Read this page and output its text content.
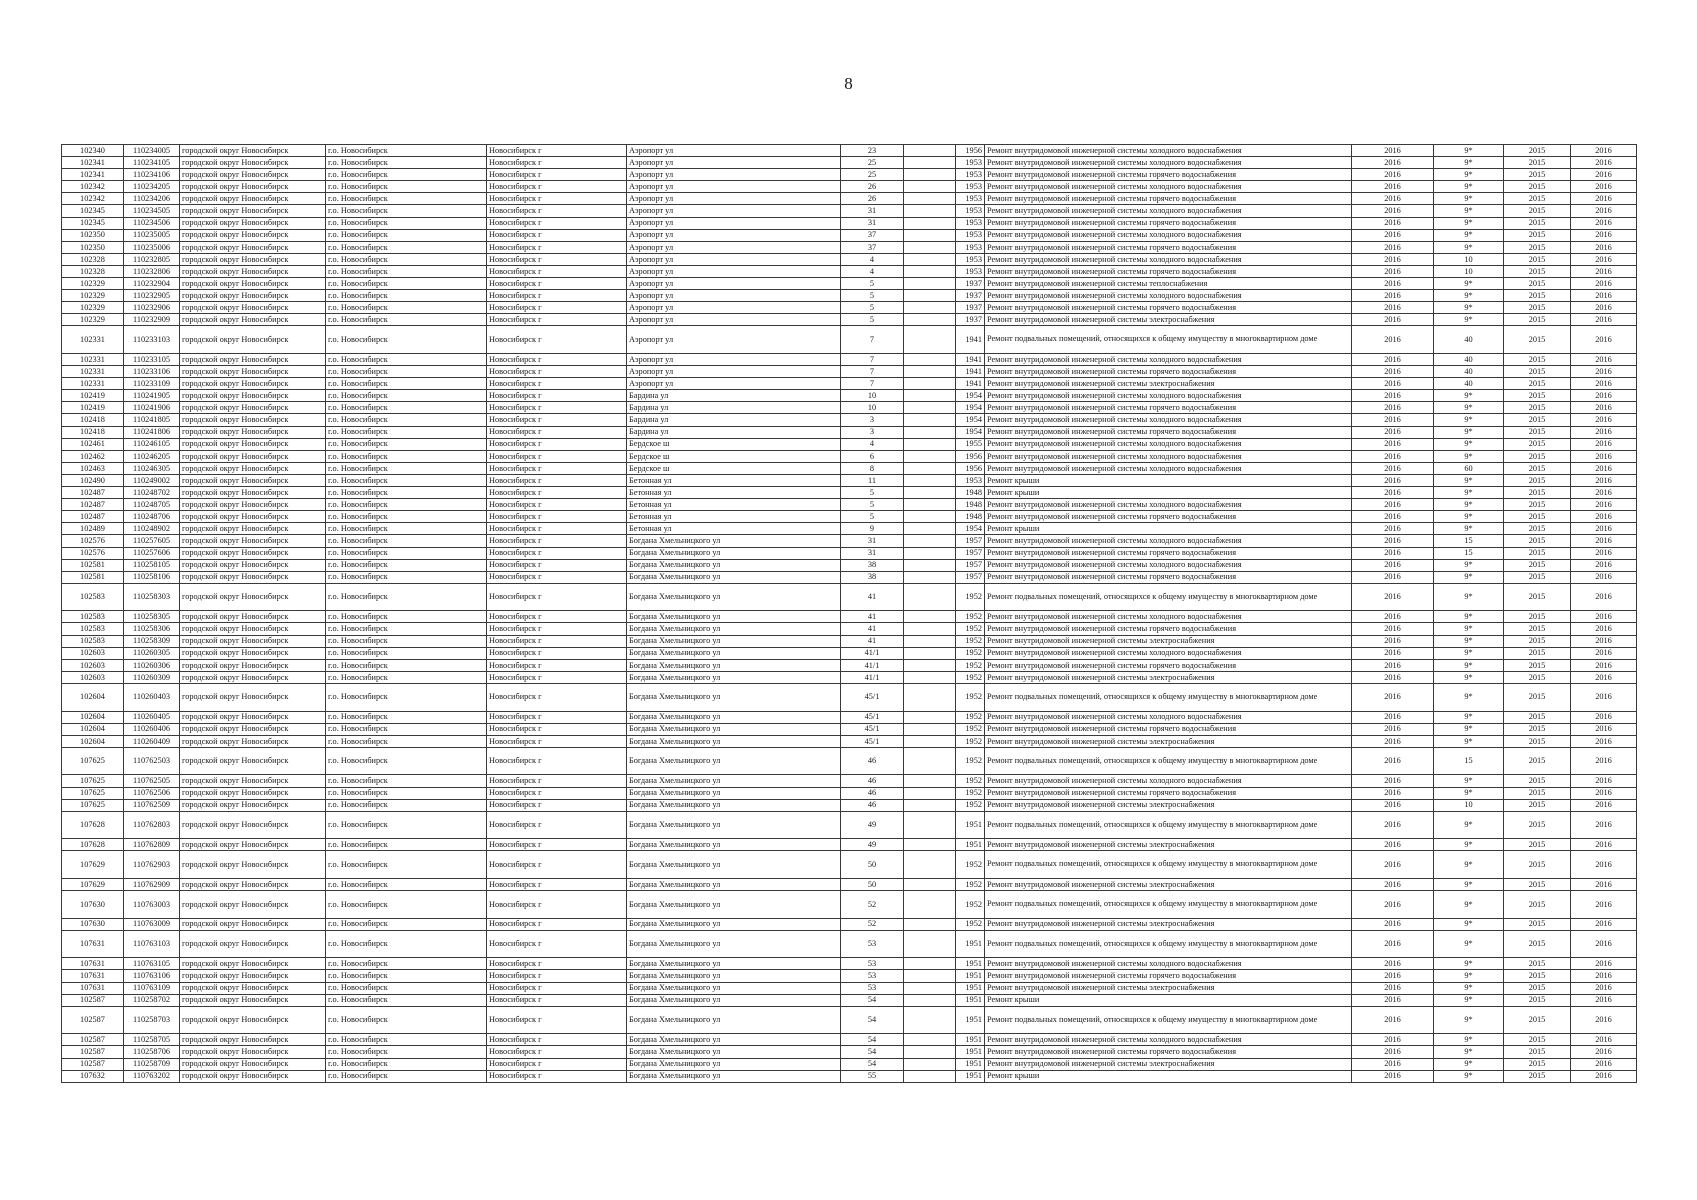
8
102340	110234005	городской округ Новосибирск	г.о. Новосибирск	Новосибирск г	Аэропорт ул	23		1956	Ремонт внутридомовой инженерной системы холодного водоснабжения	2016	9*	2015	2016
102341	110234105	городской округ Новосибирск	г.о. Новосибирск	Новосибирск г	Аэропорт ул	25		1953	Ремонт внутридомовой инженерной системы холодного водоснабжения	2016	9*	2015	2016
102341	110234106	городской округ Новосибирск	г.о. Новосибирск	Новосибирск г	Аэропорт ул	25		1953	Ремонт внутридомовой инженерной системы горячего водоснабжения	2016	9*	2015	2016
102342	110234205	городской округ Новосибирск	г.о. Новосибирск	Новосибирск г	Аэропорт ул	26		1953	Ремонт внутридомовой инженерной системы холодного водоснабжения	2016	9*	2015	2016
102342	110234206	городской округ Новосибирск	г.о. Новосибирск	Новосибирск г	Аэропорт ул	26		1953	Ремонт внутридомовой инженерной системы горячего водоснабжения	2016	9*	2015	2016
102345	110234505	городской округ Новосибирск	г.о. Новосибирск	Новосибирск г	Аэропорт ул	31		1953	Ремонт внутридомовой инженерной системы холодного водоснабжения	2016	9*	2015	2016
102345	110234506	городской округ Новосибирск	г.о. Новосибирск	Новосибирск г	Аэропорт ул	31		1953	Ремонт внутридомовой инженерной системы горячего водоснабжения	2016	9*	2015	2016
102350	110235005	городской округ Новосибирск	г.о. Новосибирск	Новосибирск г	Аэропорт ул	37		1953	Ремонт внутридомовой инженерной системы холодного водоснабжения	2016	9*	2015	2016
102350	110235006	городской округ Новосибирск	г.о. Новосибирск	Новосибирск г	Аэропорт ул	37		1953	Ремонт внутридомовой инженерной системы горячего водоснабжения	2016	9*	2015	2016
102328	110232805	городской округ Новосибирск	г.о. Новосибирск	Новосибирск г	Аэропорт ул	4		1953	Ремонт внутридомовой инженерной системы холодного водоснабжения	2016	10	2015	2016
102328	110232806	городской округ Новосибирск	г.о. Новосибирск	Новосибирск г	Аэропорт ул	4		1953	Ремонт внутридомовой инженерной системы горячего водоснабжения	2016	10	2015	2016
102329	110232904	городской округ Новосибирск	г.о. Новосибирск	Новосибирск г	Аэропорт ул	5		1937	Ремонт внутридомовой инженерной системы теплоснабжения	2016	9*	2015	2016
102329	110232905	городской округ Новосибирск	г.о. Новосибирск	Новосибирск г	Аэропорт ул	5		1937	Ремонт внутридомовой инженерной системы холодного водоснабжения	2016	9*	2015	2016
102329	110232906	городской округ Новосибирск	г.о. Новосибирск	Новосибирск г	Аэропорт ул	5		1937	Ремонт внутридомовой инженерной системы горячего водоснабжения	2016	9*	2015	2016
102329	110232909	городской округ Новосибирск	г.о. Новосибирск	Новосибирск г	Аэропорт ул	5		1937	Ремонт внутридомовой инженерной системы электроснабжения	2016	9*	2015	2016
102331	110233103	городской округ Новосибирск	г.о. Новосибирск	Новосибирск г	Аэропорт ул	7		1941	Ремонт подвальных помещений, относящихся к общему имуществу в многоквартирном доме	2016	40	2015	2016
102331	110233105	городской округ Новосибирск	г.о. Новосибирск	Новосибирск г	Аэропорт ул	7		1941	Ремонт внутридомовой инженерной системы холодного водоснабжения	2016	40	2015	2016
102331	110233106	городской округ Новосибирск	г.о. Новосибирск	Новосибирск г	Аэропорт ул	7		1941	Ремонт внутридомовой инженерной системы горячего водоснабжения	2016	40	2015	2016
102331	110233109	городской округ Новосибирск	г.о. Новосибирск	Новосибирск г	Аэропорт ул	7		1941	Ремонт внутридомовой инженерной системы электроснабжения	2016	40	2015	2016
102419	110241905	городской округ Новосибирск	г.о. Новосибирск	Новосибирск г	Бардина ул	10		1954	Ремонт внутридомовой инженерной системы холодного водоснабжения	2016	9*	2015	2016
102419	110241906	городской округ Новосибирск	г.о. Новосибирск	Новосибирск г	Бардина ул	10		1954	Ремонт внутридомовой инженерной системы горячего водоснабжения	2016	9*	2015	2016
102418	110241805	городской округ Новосибирск	г.о. Новосибирск	Новосибирск г	Бардина ул	3		1954	Ремонт внутридомовой инженерной системы холодного водоснабжения	2016	9*	2015	2016
102418	110241806	городской округ Новосибирск	г.о. Новосибирск	Новосибирск г	Бардина ул	3		1954	Ремонт внутридомовой инженерной системы горячего водоснабжения	2016	9*	2015	2016
102461	110246105	городской округ Новосибирск	г.о. Новосибирск	Новосибирск г	Бердское ш	4		1955	Ремонт внутридомовой инженерной системы холодного водоснабжения	2016	9*	2015	2016
102462	110246205	городской округ Новосибирск	г.о. Новосибирск	Новосибирск г	Бердское ш	6		1956	Ремонт внутридомовой инженерной системы холодного водоснабжения	2016	9*	2015	2016
102463	110246305	городской округ Новосибирск	г.о. Новосибирск	Новосибирск г	Бердское ш	8		1956	Ремонт внутридомовой инженерной системы холодного водоснабжения	2016	60	2015	2016
102490	110249002	городской округ Новосибирск	г.о. Новосибирск	Новосибирск г	Бетонная ул	11		1953	Ремонт крыши	2016	9*	2015	2016
102487	110248702	городской округ Новосибирск	г.о. Новосибирск	Новосибирск г	Бетонная ул	5		1948	Ремонт крыши	2016	9*	2015	2016
102487	110248705	городской округ Новосибирск	г.о. Новосибирск	Новосибирск г	Бетонная ул	5		1948	Ремонт внутридомовой инженерной системы холодного водоснабжения	2016	9*	2015	2016
102487	110248706	городской округ Новосибирск	г.о. Новосибирск	Новосибирск г	Бетонная ул	5		1948	Ремонт внутридомовой инженерной системы горячего водоснабжения	2016	9*	2015	2016
102489	110248902	городской округ Новосибирск	г.о. Новосибирск	Новосибирск г	Бетонная ул	9		1954	Ремонт крыши	2016	9*	2015	2016
102576	110257605	городской округ Новосибирск	г.о. Новосибирск	Новосибирск г	Богдана Хмельницкого ул	31		1957	Ремонт внутридомовой инженерной системы холодного водоснабжения	2016	15	2015	2016
102576	110257606	городской округ Новосибирск	г.о. Новосибирск	Новосибирск г	Богдана Хмельницкого ул	31		1957	Ремонт внутридомовой инженерной системы горячего водоснабжения	2016	15	2015	2016
102581	110258105	городской округ Новосибирск	г.о. Новосибирск	Новосибирск г	Богдана Хмельницкого ул	38		1957	Ремонт внутридомовой инженерной системы холодного водоснабжения	2016	9*	2015	2016
102581	110258106	городской округ Новосибирск	г.о. Новосибирск	Новосибирск г	Богдана Хмельницкого ул	38		1957	Ремонт внутридомовой инженерной системы горячего водоснабжения	2016	9*	2015	2016
102583	110258303	городской округ Новосибирск	г.о. Новосибирск	Новосибирск г	Богдана Хмельницкого ул	41		1952	Ремонт подвальных помещений, относящихся к общему имуществу в многоквартирном доме	2016	9*	2015	2016
102583	110258305	городской округ Новосибирск	г.о. Новосибирск	Новосибирск г	Богдана Хмельницкого ул	41		1952	Ремонт внутридомовой инженерной системы холодного водоснабжения	2016	9*	2015	2016
102583	110258306	городской округ Новосибирск	г.о. Новосибирск	Новосибирск г	Богдана Хмельницкого ул	41		1952	Ремонт внутридомовой инженерной системы горячего водоснабжения	2016	9*	2015	2016
102583	110258309	городской округ Новосибирск	г.о. Новосибирск	Новосибирск г	Богдана Хмельницкого ул	41		1952	Ремонт внутридомовой инженерной системы электроснабжения	2016	9*	2015	2016
102603	110260305	городской округ Новосибирск	г.о. Новосибирск	Новосибирск г	Богдана Хмельницкого ул	41/1		1952	Ремонт внутридомовой инженерной системы холодного водоснабжения	2016	9*	2015	2016
102603	110260306	городской округ Новосибирск	г.о. Новосибирск	Новосибирск г	Богдана Хмельницкого ул	41/1		1952	Ремонт внутридомовой инженерной системы горячего водоснабжения	2016	9*	2015	2016
102603	110260309	городской округ Новосибирск	г.о. Новосибирск	Новосибирск г	Богдана Хмельницкого ул	41/1		1952	Ремонт внутридомовой инженерной системы электроснабжения	2016	9*	2015	2016
102604	110260403	городской округ Новосибирск	г.о. Новосибирск	Новосибирск г	Богдана Хмельницкого ул	45/1		1952	Ремонт подвальных помещений, относящихся к общему имуществу в многоквартирном доме	2016	9*	2015	2016
102604	110260405	городской округ Новосибирск	г.о. Новосибирск	Новосибирск г	Богдана Хмельницкого ул	45/1		1952	Ремонт внутридомовой инженерной системы холодного водоснабжения	2016	9*	2015	2016
102604	110260406	городской округ Новосибирск	г.о. Новосибирск	Новосибирск г	Богдана Хмельницкого ул	45/1		1952	Ремонт внутридомовой инженерной системы горячего водоснабжения	2016	9*	2015	2016
102604	110260409	городской округ Новосибирск	г.о. Новосибирск	Новосибирск г	Богдана Хмельницкого ул	45/1		1952	Ремонт внутридомовой инженерной системы электроснабжения	2016	9*	2015	2016
107625	110762503	городской округ Новосибирск	г.о. Новосибирск	Новосибирск г	Богдана Хмельницкого ул	46		1952	Ремонт подвальных помещений, относящихся к общему имуществу в многоквартирном доме	2016	15	2015	2016
107625	110762505	городской округ Новосибирск	г.о. Новосибирск	Новосибирск г	Богдана Хмельницкого ул	46		1952	Ремонт внутридомовой инженерной системы холодного водоснабжения	2016	9*	2015	2016
107625	110762506	городской округ Новосибирск	г.о. Новосибирск	Новосибирск г	Богдана Хмельницкого ул	46		1952	Ремонт внутридомовой инженерной системы горячего водоснабжения	2016	9*	2015	2016
107625	110762509	городской округ Новосибирск	г.о. Новосибирск	Новосибирск г	Богдана Хмельницкого ул	46		1952	Ремонт внутридомовой инженерной системы электроснабжения	2016	10	2015	2016
107628	110762803	городской округ Новосибирск	г.о. Новосибирск	Новосибирск г	Богдана Хмельницкого ул	49		1951	Ремонт подвальных помещений, относящихся к общему имуществу в многоквартирном доме	2016	9*	2015	2016
107628	110762809	городской округ Новосибирск	г.о. Новосибирск	Новосибирск г	Богдана Хмельницкого ул	49		1951	Ремонт внутридомовой инженерной системы электроснабжения	2016	9*	2015	2016
107629	110762903	городской округ Новосибирск	г.о. Новосибирск	Новосибирск г	Богдана Хмельницкого ул	50		1952	Ремонт подвальных помещений, относящихся к общему имуществу в многоквартирном доме	2016	9*	2015	2016
107629	110762909	городской округ Новосибирск	г.о. Новосибирск	Новосибирск г	Богдана Хмельницкого ул	50		1952	Ремонт внутридомовой инженерной системы электроснабжения	2016	9*	2015	2016
107630	110763003	городской округ Новосибирск	г.о. Новосибирск	Новосибирск г	Богдана Хмельницкого ул	52		1952	Ремонт подвальных помещений, относящихся к общему имуществу в многоквартирном доме	2016	9*	2015	2016
107630	110763009	городской округ Новосибирск	г.о. Новосибирск	Новосибирск г	Богдана Хмельницкого ул	52		1952	Ремонт внутридомовой инженерной системы электроснабжения	2016	9*	2015	2016
107631	110763103	городской округ Новосибирск	г.о. Новосибирск	Новосибирск г	Богдана Хмельницкого ул	53		1951	Ремонт подвальных помещений, относящихся к общему имуществу в многоквартирном доме	2016	9*	2015	2016
107631	110763105	городской округ Новосибирск	г.о. Новосибирск	Новосибирск г	Богдана Хмельницкого ул	53		1951	Ремонт внутридомовой инженерной системы холодного водоснабжения	2016	9*	2015	2016
107631	110763106	городской округ Новосибирск	г.о. Новосибирск	Новосибирск г	Богдана Хмельницкого ул	53		1951	Ремонт внутридомовой инженерной системы горячего водоснабжения	2016	9*	2015	2016
107631	110763109	городской округ Новосибирск	г.о. Новосибирск	Новосибирск г	Богдана Хмельницкого ул	53		1951	Ремонт внутридомовой инженерной системы электроснабжения	2016	9*	2015	2016
102587	110258702	городской округ Новосибирск	г.о. Новосибирск	Новосибирск г	Богдана Хмельницкого ул	54		1951	Ремонт крыши	2016	9*	2015	2016
102587	110258703	городской округ Новосибирск	г.о. Новосибирск	Новосибирск г	Богдана Хмельницкого ул	54		1951	Ремонт подвальных помещений, относящихся к общему имуществу в многоквартирном доме	2016	9*	2015	2016
102587	110258705	городской округ Новосибирск	г.о. Новосибирск	Новосибирск г	Богдана Хмельницкого ул	54		1951	Ремонт внутридомовой инженерной системы холодного водоснабжения	2016	9*	2015	2016
102587	110258706	городской округ Новосибирск	г.о. Новосибирск	Новосибирск г	Богдана Хмельницкого ул	54		1951	Ремонт внутридомовой инженерной системы горячего водоснабжения	2016	9*	2015	2016
102587	110258709	городской округ Новосибирск	г.о. Новосибирск	Новосибирск г	Богдана Хмельницкого ул	54		1951	Ремонт внутридомовой инженерной системы электроснабжения	2016	9*	2015	2016
107632	110763202	городской округ Новосибирск	г.о. Новосибирск	Новосибирск г	Богдана Хмельницкого ул	55		1951	Ремонт крыши	2016	9*	2015	2016
